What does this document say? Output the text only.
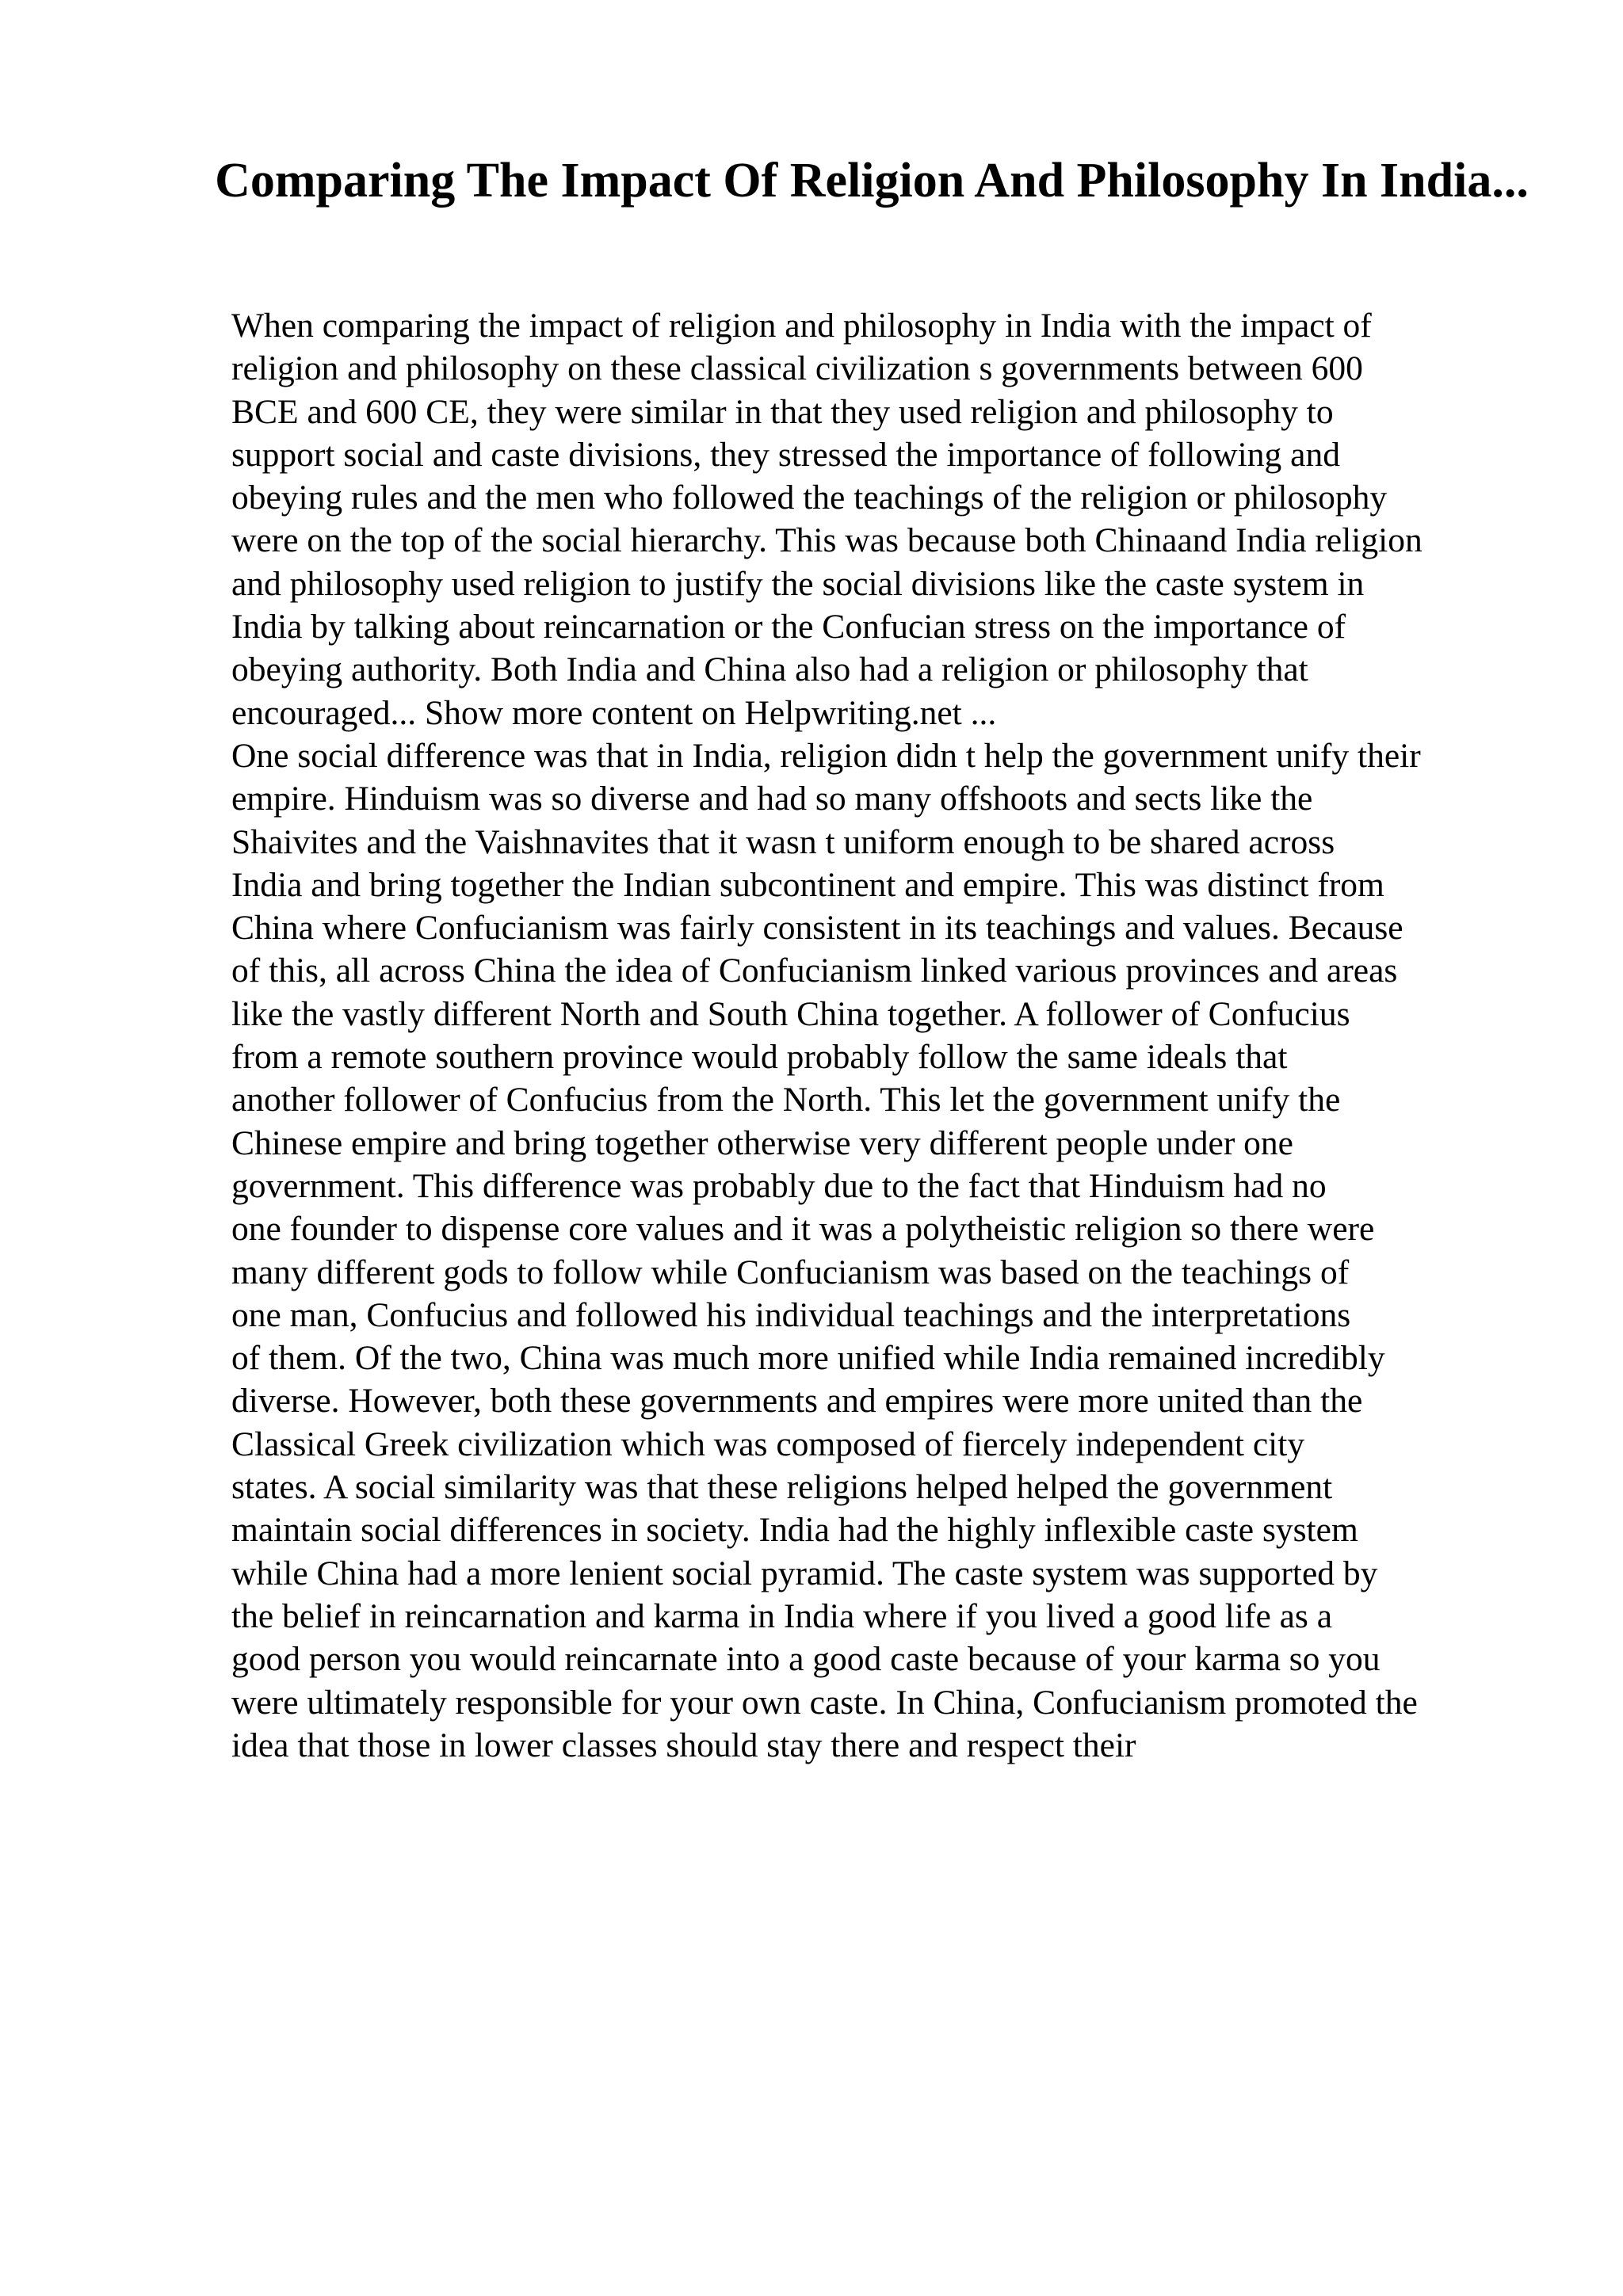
Comparing The Impact Of Religion And Philosophy In India...
When comparing the impact of religion and philosophy in India with the impact of
religion and philosophy on these classical civilization s governments between 600
BCE and 600 CE, they were similar in that they used religion and philosophy to
support social and caste divisions, they stressed the importance of following and
obeying rules and the men who followed the teachings of the religion or philosophy
were on the top of the social hierarchy. This was because both Chinaand India religion
and philosophy used religion to justify the social divisions like the caste system in
India by talking about reincarnation or the Confucian stress on the importance of
obeying authority. Both India and China also had a religion or philosophy that
encouraged... Show more content on Helpwriting.net ...
One social difference was that in India, religion didn t help the government unify their
empire. Hinduism was so diverse and had so many offshoots and sects like the
Shaivites and the Vaishnavites that it wasn t uniform enough to be shared across
India and bring together the Indian subcontinent and empire. This was distinct from
China where Confucianism was fairly consistent in its teachings and values. Because
of this, all across China the idea of Confucianism linked various provinces and areas
like the vastly different North and South China together. A follower of Confucius
from a remote southern province would probably follow the same ideals that
another follower of Confucius from the North. This let the government unify the
Chinese empire and bring together otherwise very different people under one
government. This difference was probably due to the fact that Hinduism had no
one founder to dispense core values and it was a polytheistic religion so there were
many different gods to follow while Confucianism was based on the teachings of
one man, Confucius and followed his individual teachings and the interpretations
of them. Of the two, China was much more unified while India remained incredibly
diverse. However, both these governments and empires were more united than the
Classical Greek civilization which was composed of fiercely independent city
states. A social similarity was that these religions helped helped the government
maintain social differences in society. India had the highly inflexible caste system
while China had a more lenient social pyramid. The caste system was supported by
the belief in reincarnation and karma in India where if you lived a good life as a
good person you would reincarnate into a good caste because of your karma so you
were ultimately responsible for your own caste. In China, Confucianism promoted the
idea that those in lower classes should stay there and respect their
